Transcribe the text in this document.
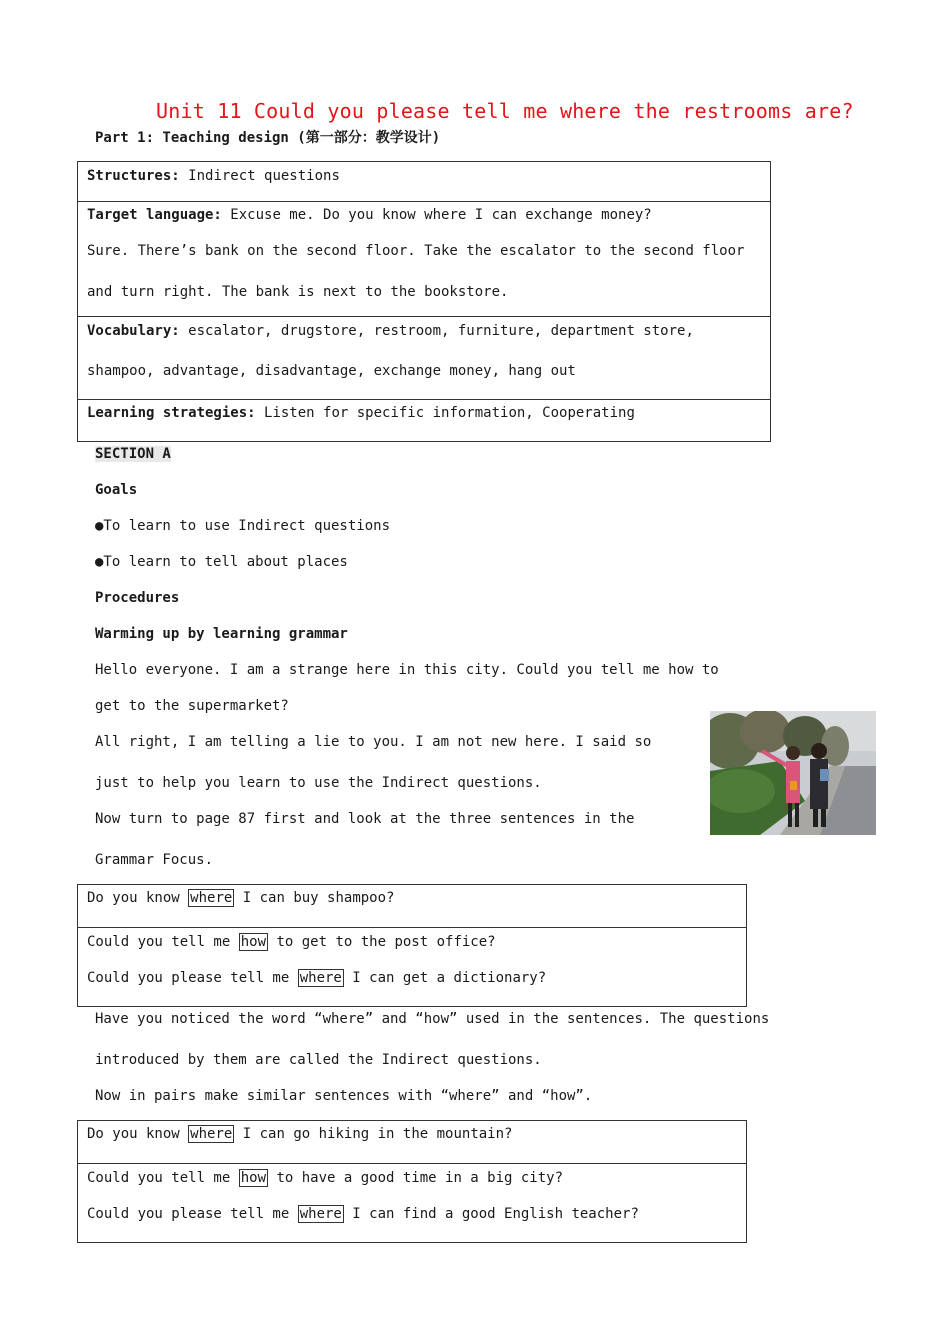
Unit 11 Could you please tell me where the restrooms are?
Part 1: Teaching design (第一部分：教学设计)
Structures: Indirect questions
Target language: Excuse me. Do you know where I can exchange money?
Sure. There’s bank on the second floor. Take the escalator to the second floor
and turn right. The bank is next to the bookstore.
Vocabulary: escalator, drugstore, restroom, furniture, department store,
shampoo, advantage, disadvantage, exchange money, hang out
Learning strategies: Listen for specific information, Cooperating
SECTION A
Goals
●To learn to use Indirect questions
●To learn to tell about places
Procedures
Warming up by learning grammar
Hello everyone. I am a strange here in this city. Could you tell me how to
get to the supermarket?
All right, I am telling a lie to you. I am not new here. I said so
just to help you learn to use the Indirect questions.
Now turn to page 87 first and look at the three sentences in the
Grammar Focus.
Do you know where I can buy shampoo?
Could you tell me how to get to the post office?
Could you please tell me where I can get a dictionary?
Have you noticed the word “where” and “how” used in the sentences. The questions
introduced by them are called the Indirect questions.
Now in pairs make similar sentences with “where” and “how”.
Do you know where I can go hiking in the mountain?
Could you tell me how to have a good time in a big city?
Could you please tell me where I can find a good English teacher?
